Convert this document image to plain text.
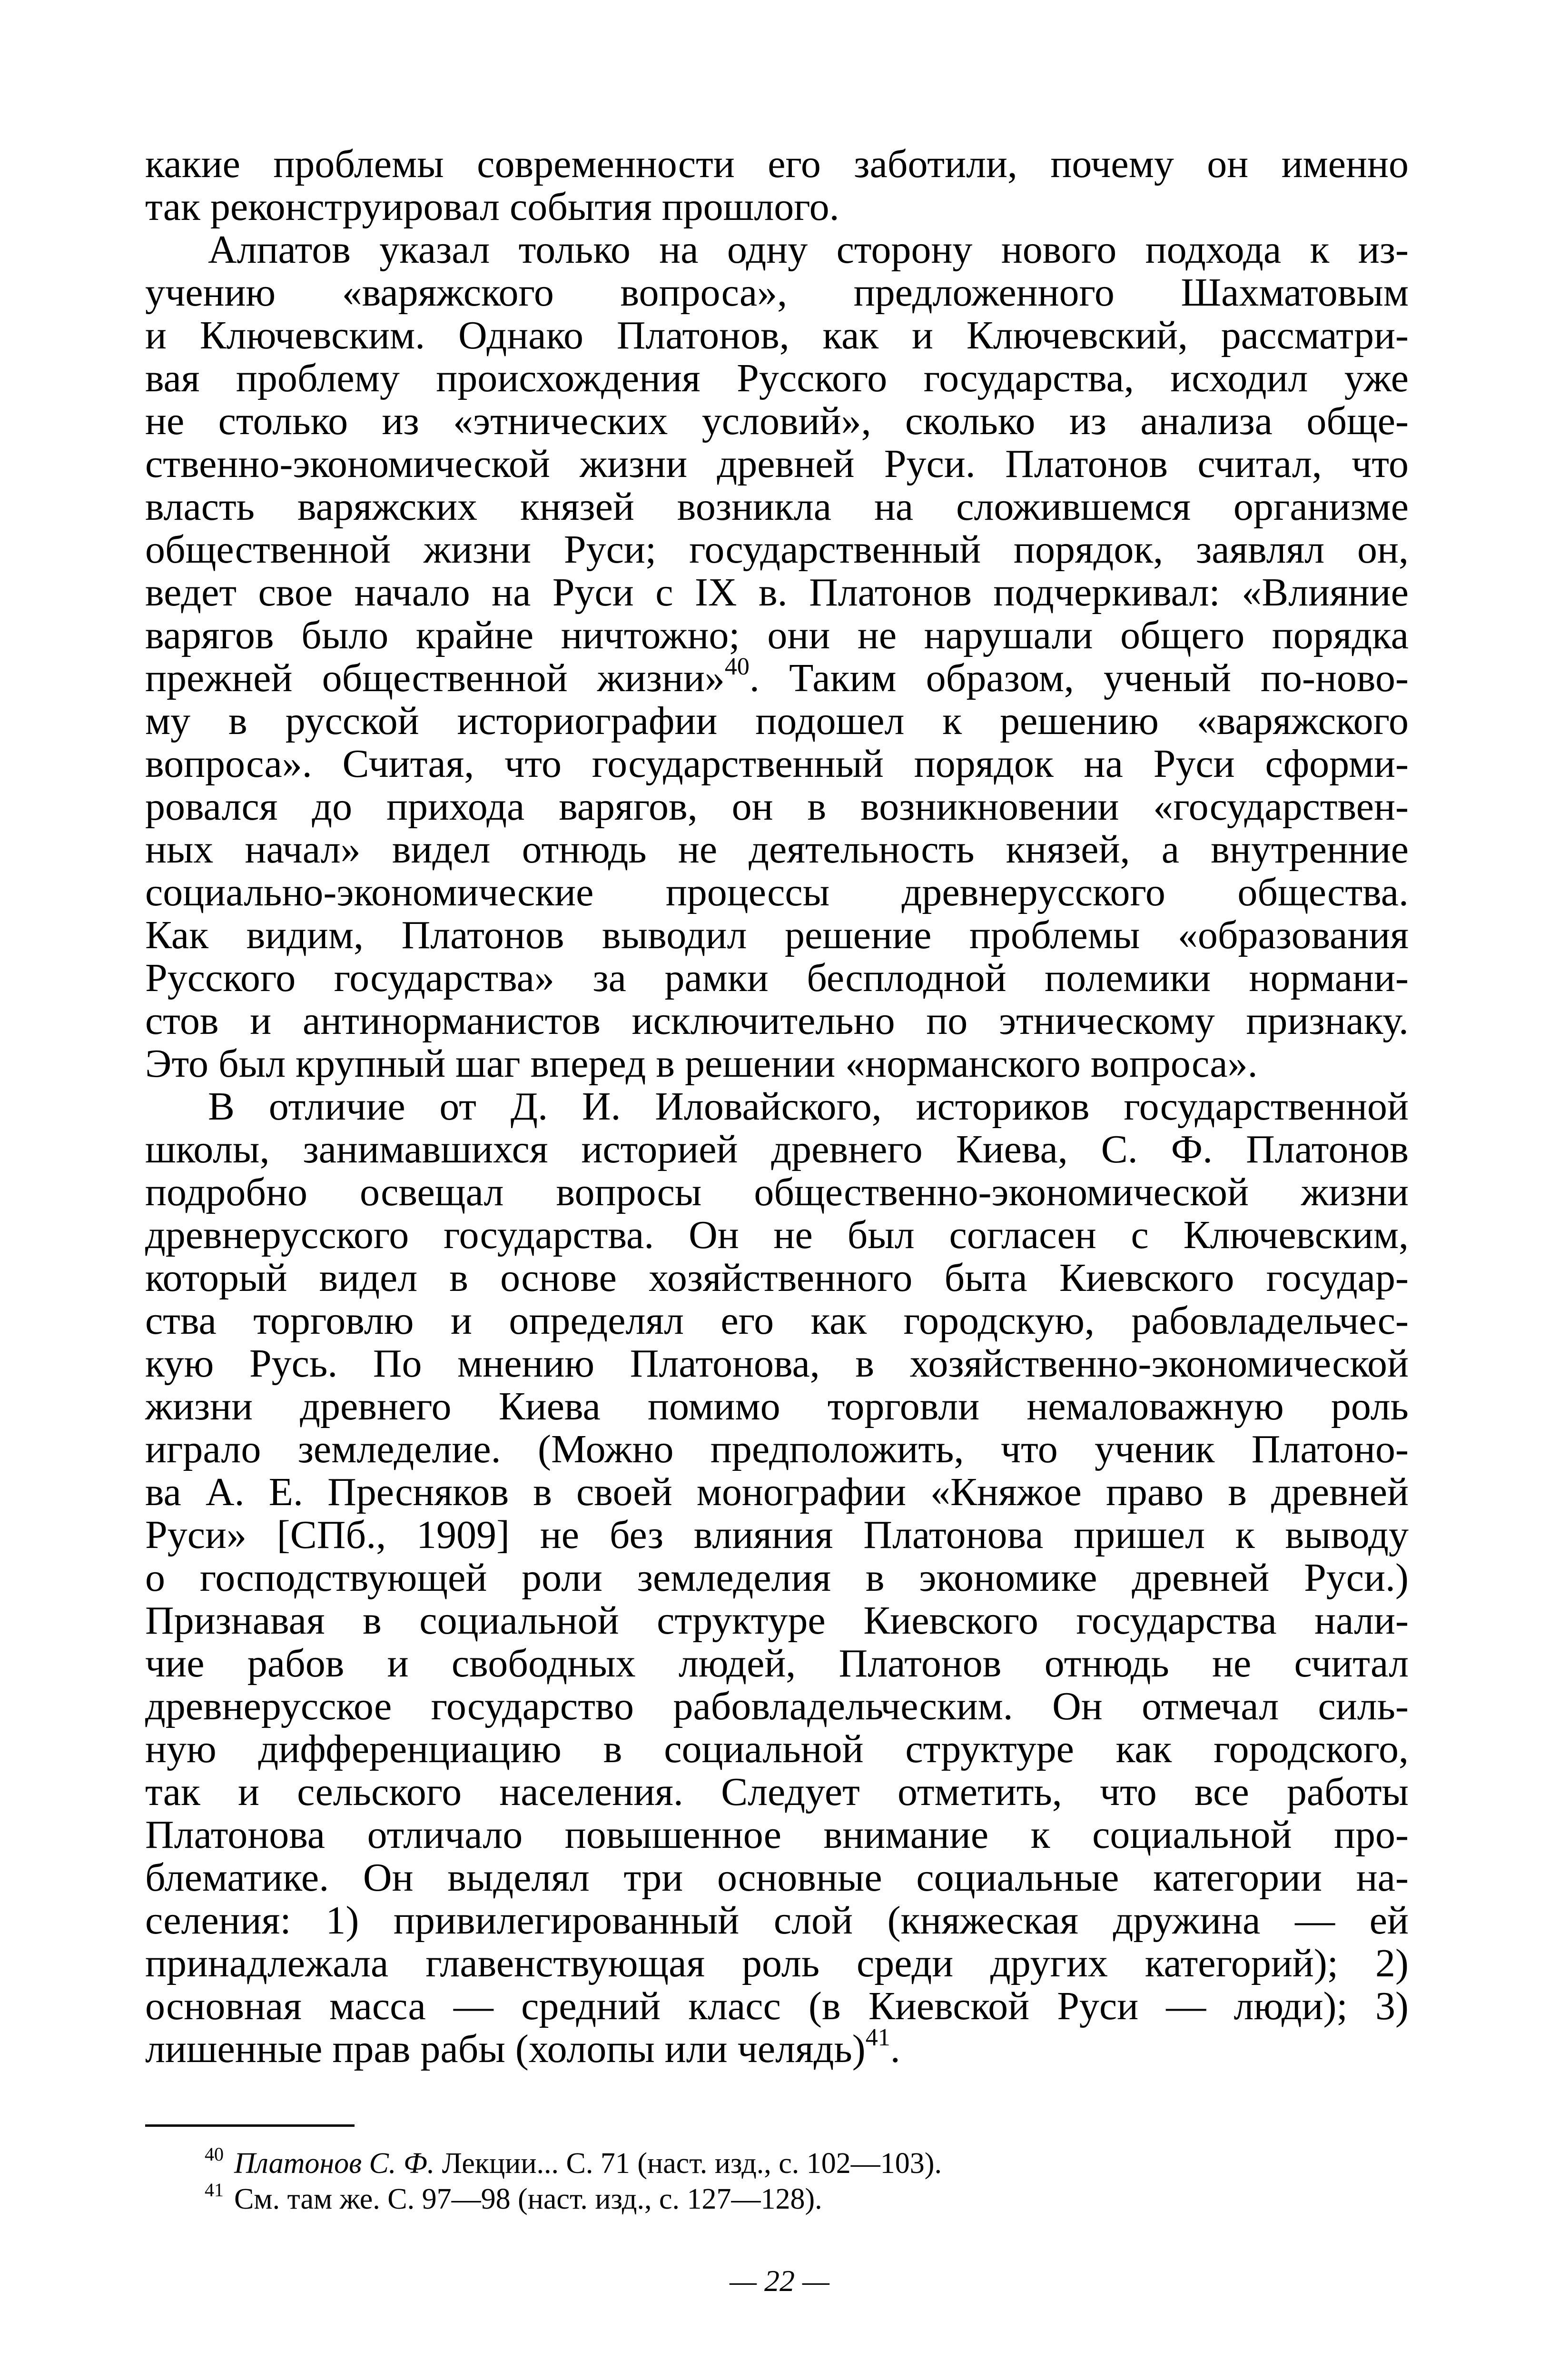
какие проблемы современности его заботили, почему он именно
так реконструировал события прошлого.
Алпатов указал только на одну сторону нового подхода к из-
учению «варяжского вопроса», предложенного Шахматовым
и Ключевским. Однако Платонов, как и Ключевский, рассматри-
вая проблему происхождения Русского государства, исходил уже
не столько из «этнических условий», сколько из анализа обще-
ственно-экономической жизни древней Руси. Платонов считал, что
власть варяжских князей возникла на сложившемся организме
общественной жизни Руси; государственный порядок, заявлял он,
ведет свое начало на Руси с IX в. Платонов подчеркивал: «Влияние
варягов было крайне ничтожно; они не нарушали общего порядка
прежней общественной жизни»$^{40}$. Таким образом, ученый по-ново-
му в русской историографии подошел к решению «варяжского
вопроса». Считая, что государственный порядок на Руси сформи-
ровался до прихода варягов, он в возникновении «государствен-
ных начал» видел отнюдь не деятельность князей, а внутренние
социально-экономические процессы древнерусского общества.
Как видим, Платонов выводил решение проблемы «образования
Русского государства» за рамки бесплодной полемики нормани-
стов и антинорманистов исключительно по этническому признаку.
Это был крупный шаг вперед в решении «норманского вопроса».
В отличие от Д. И. Иловайского, историков государственной
школы, занимавшихся историей древнего Киева, С. Ф. Платонов
подробно освещал вопросы общественно-экономической жизни
древнерусского государства. Он не был согласен с Ключевским,
который видел в основе хозяйственного быта Киевского государ-
ства торговлю и определял его как городскую, рабовладельчес-
кую Русь. По мнению Платонова, в хозяйственно-экономической
жизни древнего Киева помимо торговли немаловажную роль
играло земледелие. (Можно предположить, что ученик Платоно-
ва А. Е. Пресняков в своей монографии «Княжое право в древней
Руси» [СПб., 1909] не без влияния Платонова пришел к выводу
о господствующей роли земледелия в экономике древней Руси.)
Признавая в социальной структуре Киевского государства нали-
чие рабов и свободных людей, Платонов отнюдь не считал
древнерусское государство рабовладельческим. Он отмечал силь-
ную дифференциацию в социальной структуре как городского,
так и сельского населения. Следует отметить, что все работы
Платонова отличало повышенное внимание к социальной про-
блематике. Он выделял три основные социальные категории на-
селения: 1) привилегированный слой (княжеская дружина — ей
принадлежала главенствующая роль среди других категорий); 2)
основная масса — средний класс (в Киевской Руси — люди); 3)
лишенные прав рабы (холопы или челядь)$^{41}$.
$^{40}$ Платонов С. Ф. Лекции... С. 71 (наст. изд., с. 102—103).
$^{41}$ См. там же. С. 97—98 (наст. изд., с. 127—128).
— 22 —
